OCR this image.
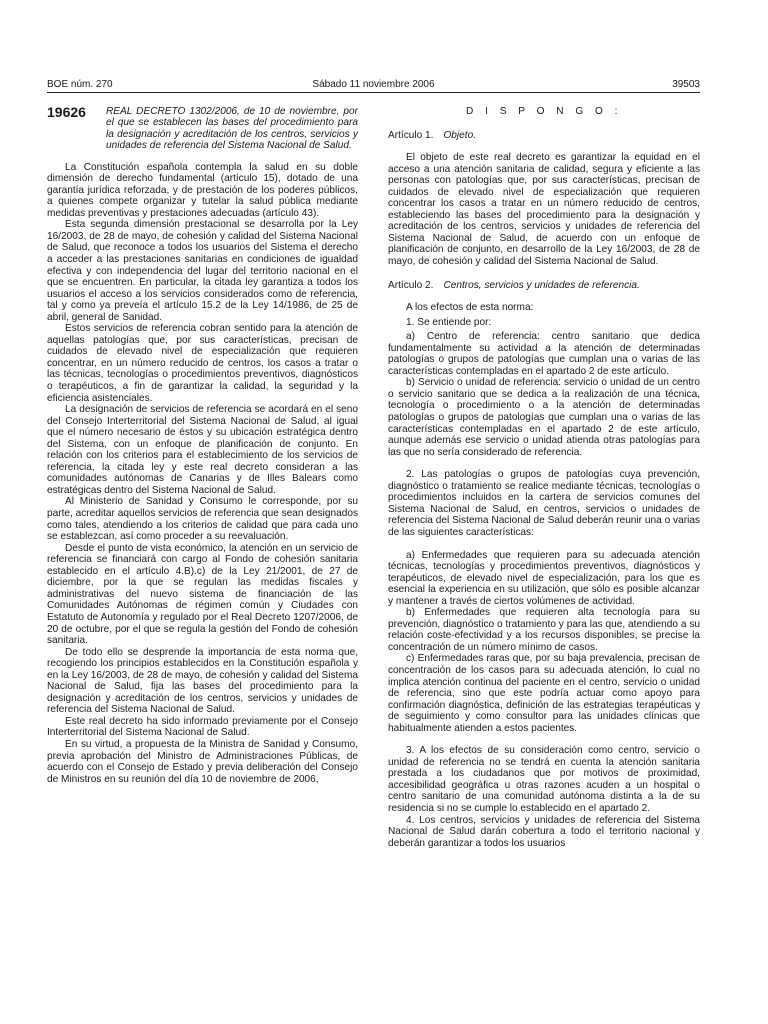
BOE núm. 270	Sábado 11 noviembre 2006	39503
19626 REAL DECRETO 1302/2006, de 10 de noviembre, por el que se establecen las bases del procedimiento para la designación y acreditación de los centros, servicios y unidades de referencia del Sistema Nacional de Salud.

La Constitución española contempla la salud en su doble dimensión de derecho fundamental (artículo 15), dotado de una garantía jurídica reforzada, y de prestación de los poderes públicos, a quienes compete organizar y tutelar la salud pública mediante medidas preventivas y prestaciones adecuadas (artículo 43).

Esta segunda dimensión prestacional se desarrolla por la Ley 16/2003, de 28 de mayo, de cohesión y calidad del Sistema Nacional de Salud, que reconoce a todos los usuarios del Sistema el derecho a acceder a las prestaciones sanitarias en condiciones de igualdad efectiva y con independencia del lugar del territorio nacional en el que se encuentren. En particular, la citada ley garantiza a todos los usuarios el acceso a los servicios considerados como de referencia, tal y como ya preveía el artículo 15.2 de la Ley 14/1986, de 25 de abril, general de Sanidad.

Estos servicios de referencia cobran sentido para la atención de aquellas patologías que, por sus características, precisan de cuidados de elevado nivel de especialización que requieren concentrar, en un número reducido de centros, los casos a tratar o las técnicas, tecnologías o procedimientos preventivos, diagnósticos o terapéuticos, a fin de garantizar la calidad, la seguridad y la eficiencia asistenciales.

La designación de servicios de referencia se acordará en el seno del Consejo Interterritorial del Sistema Nacional de Salud, al igual que el número necesario de éstos y su ubicación estratégica dentro del Sistema, con un enfoque de planificación de conjunto. En relación con los criterios para el establecimiento de los servicios de referencia, la citada ley y este real decreto consideran a las comunidades autónomas de Canarias y de Illes Balears como estratégicas dentro del Sistema Nacional de Salud.

Al Ministerio de Sanidad y Consumo le corresponde, por su parte, acreditar aquellos servicios de referencia que sean designados como tales, atendiendo a los criterios de calidad que para cada uno se establezcan, así como proceder a su reevaluación.

Desde el punto de vista económico, la atención en un servicio de referencia se financiará con cargo al Fondo de cohesión sanitaria establecido en el artículo 4.B).c) de la Ley 21/2001, de 27 de diciembre, por la que se regulan las medidas fiscales y administrativas del nuevo sistema de financiación de las Comunidades Autónomas de régimen común y Ciudades con Estatuto de Autonomía y regulado por el Real Decreto 1207/2006, de 20 de octubre, por el que se regula la gestión del Fondo de cohesión sanitaria.

De todo ello se desprende la importancia de esta norma que, recogiendo los principios establecidos en la Constitución española y en la Ley 16/2003, de 28 de mayo, de cohesión y calidad del Sistema Nacional de Salud, fija las bases del procedimiento para la designación y acreditación de los centros, servicios y unidades de referencia del Sistema Nacional de Salud.

Este real decreto ha sido informado previamente por el Consejo Interterritorial del Sistema Nacional de Salud.

En su virtud, a propuesta de la Ministra de Sanidad y Consumo, previa aprobación del Ministro de Administraciones Públicas, de acuerdo con el Consejo de Estado y previa deliberación del Consejo de Ministros en su reunión del día 10 de noviembre de 2006,

D I S P O N G O :
Artículo 1. Objeto.

El objeto de este real decreto es garantizar la equidad en el acceso a una atención sanitaria de calidad, segura y eficiente a las personas con patologías que, por sus características, precisan de cuidados de elevado nivel de especialización que requieren concentrar los casos a tratar en un número reducido de centros, estableciendo las bases del procedimiento para la designación y acreditación de los centros, servicios y unidades de referencia del Sistema Nacional de Salud, de acuerdo con un enfoque de planificación de conjunto, en desarrollo de la Ley 16/2003, de 28 de mayo, de cohesión y calidad del Sistema Nacional de Salud.

Artículo 2. Centros, servicios y unidades de referencia.

A los efectos de esta norma:

1. Se entiende por:

a) Centro de referencia: centro sanitario que dedica fundamentalmente su actividad a la atención de determinadas patologías o grupos de patologías que cumplan una o varias de las características contempladas en el apartado 2 de este artículo.

b) Servicio o unidad de referencia: servicio o unidad de un centro o servicio sanitario que se dedica a la realización de una técnica, tecnología o procedimiento o a la atención de determinadas patologías o grupos de patologías que cumplan una o varias de las características contempladas en el apartado 2 de este artículo, aunque además ese servicio o unidad atienda otras patologías para las que no sería considerado de referencia.

2. Las patologías o grupos de patologías cuya prevención, diagnóstico o tratamiento se realice mediante técnicas, tecnologías o procedimientos incluidos en la cartera de servicios comunes del Sistema Nacional de Salud, en centros, servicios o unidades de referencia del Sistema Nacional de Salud deberán reunir una o varias de las siguientes características:

a) Enfermedades que requieren para su adecuada atención técnicas, tecnologías y procedimientos preventivos, diagnósticos y terapéuticos, de elevado nivel de especialización, para los que es esencial la experiencia en su utilización, que sólo es posible alcanzar y mantener a través de ciertos volúmenes de actividad.

b) Enfermedades que requieren alta tecnología para su prevención, diagnóstico o tratamiento y para las que, atendiendo a su relación coste-efectividad y a los recursos disponibles, se precise la concentración de un número mínimo de casos.

c) Enfermedades raras que, por su baja prevalencia, precisan de concentración de los casos para su adecuada atención, lo cual no implica atención continua del paciente en el centro, servicio o unidad de referencia, sino que este podría actuar como apoyo para confirmación diagnóstica, definición de las estrategias terapéuticas y de seguimiento y como consultor para las unidades clínicas que habitualmente atienden a estos pacientes.

3. A los efectos de su consideración como centro, servicio o unidad de referencia no se tendrá en cuenta la atención sanitaria prestada a los ciudadanos que por motivos de proximidad, accesibilidad geográfica u otras razones acuden a un hospital o centro sanitario de una comunidad autónoma distinta a la de su residencia si no se cumple lo establecido en el apartado 2.

4. Los centros, servicios y unidades de referencia del Sistema Nacional de Salud darán cobertura a todo el territorio nacional y deberán garantizar a todos los usuarios
